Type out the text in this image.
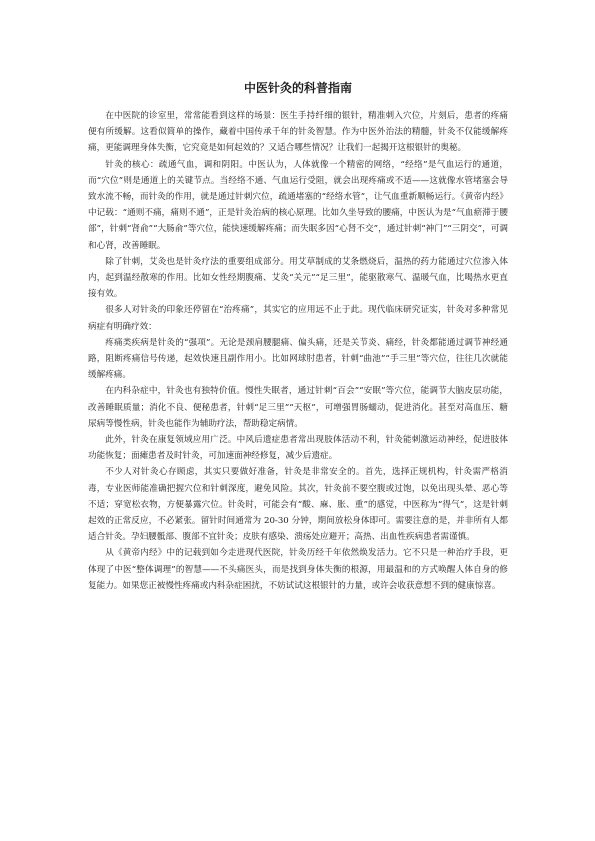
中医针灸的科普指南

在中医院的诊室里，常常能看到这样的场景：医生手持纤细的银针，精准刺入穴位，片刻后，患者的疼痛便有所缓解。这看似简单的操作，藏着中国传承千年的针灸智慧。作为中医外治法的精髓，针灸不仅能缓解疼痛，更能调理身体失衡，它究竟是如何起效的？又适合哪些情况？让我们一起揭开这根银针的奥秘。

针灸的核心：疏通气血，调和阴阳。中医认为，人体就像一个精密的网络，“经络”是气血运行的通道，而“穴位”则是通道上的关键节点。当经络不通、气血运行受阻，就会出现疼痛或不适——这就像水管堵塞会导致水流不畅，而针灸的作用，就是通过针刺穴位，疏通堵塞的“经络水管”，让气血重新顺畅运行。《黄帝内经》中记载：“通则不痛，痛则不通”，正是针灸治病的核心原理。比如久坐导致的腰痛，中医认为是“气血瘀滞于腰部”，针刺“肾俞”“大肠俞”等穴位，能快速缓解疼痛；而失眠多因“心肾不交”，通过针刺“神门”“三阴交”，可调和心肾，改善睡眠。

除了针刺，艾灸也是针灸疗法的重要组成部分。用艾草制成的艾条燃烧后，温热的药力能通过穴位渗入体内，起到温经散寒的作用。比如女性经期腹痛、艾灸“关元”“足三里”，能驱散寒气、温暖气血，比喝热水更直接有效。

很多人对针灸的印象还停留在“治疼痛”，其实它的应用远不止于此。现代临床研究证实，针灸对多种常见病症有明确疗效：

疼痛类疾病是针灸的“强项”。无论是颈肩腰腿痛、偏头痛，还是关节炎、痛经，针灸都能通过调节神经通路，阻断疼痛信号传递，起效快速且副作用小。比如网球肘患者，针刺“曲池”“手三里”等穴位，往往几次就能缓解疼痛。

在内科杂症中，针灸也有独特价值。慢性失眠者，通过针刺“百会”“安眠”等穴位，能调节大脑皮层功能，改善睡眠质量；消化不良、便秘患者，针刺“足三里”“天枢”，可增强胃肠蠕动，促进消化。甚至对高血压、糖尿病等慢性病，针灸也能作为辅助疗法，帮助稳定病情。

此外，针灸在康复领域应用广泛。中风后遗症患者常出现肢体活动不利，针灸能刺激运动神经，促进肢体功能恢复；面瘫患者及时针灸，可加速面神经修复，减少后遗症。

不少人对针灸心存顾虑，其实只要做好准备，针灸是非常安全的。首先，选择正规机构，针灸需严格消毒，专业医师能准确把握穴位和针刺深度，避免风险。其次，针灸前不要空腹或过饱，以免出现头晕、恶心等不适；穿宽松衣物，方便暴露穴位。针灸时，可能会有“酸、麻、胀、重”的感觉，中医称为“得气”，这是针刺起效的正常反应，不必紧张。留针时间通常为 20-30 分钟，期间放松身体即可。需要注意的是，并非所有人都适合针灸。孕妇腰骶部、腹部不宜针灸；皮肤有感染、溃疡处应避开；高热、出血性疾病患者需谨慎。

从《黄帝内经》中的记载到如今走进现代医院，针灸历经千年依然焕发活力。它不只是一种治疗手段，更体现了中医“整体调理”的智慧——不头痛医头，而是找到身体失衡的根源，用最温和的方式唤醒人体自身的修复能力。如果您正被慢性疼痛或内科杂症困扰，不妨试试这根银针的力量，或许会收获意想不到的健康惊喜。
